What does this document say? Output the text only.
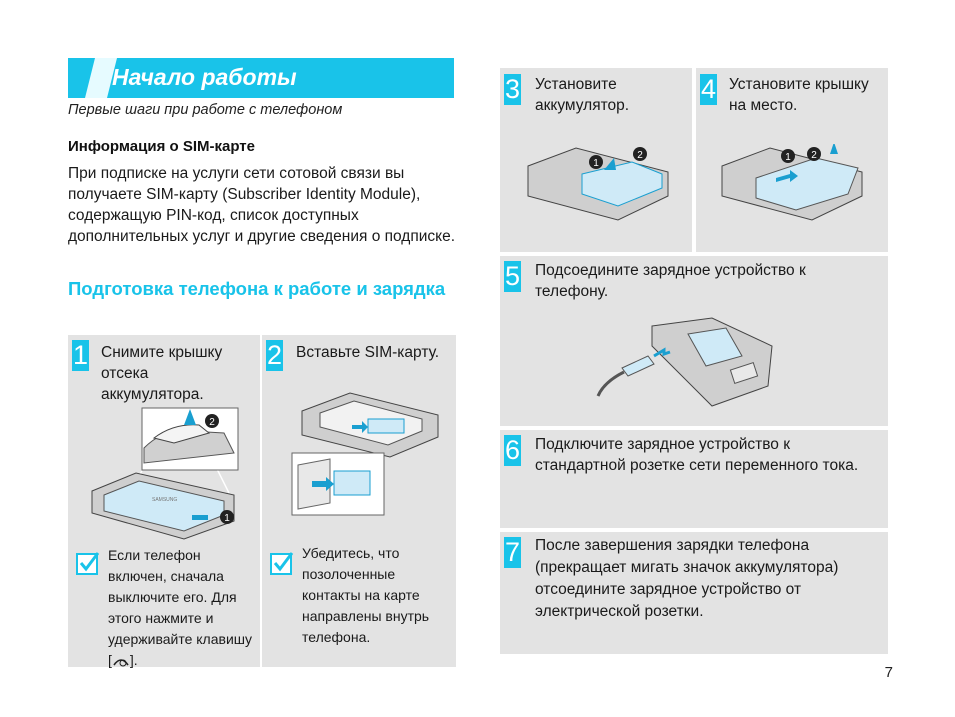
Начало работы
Первые шаги при работе с телефоном
Информация о SIM-карте
При подписке на услуги сети сотовой связи вы получаете SIM-карту (Subscriber Identity Module), содержащую PIN-код, список доступных дополнительных услуг и другие сведения о подписке.
Подготовка телефона к работе и зарядка
1 Снимите крышку отсека аккумулятора.
2
SAMSUNG
1
Если телефон включен, сначала выключите его. Для этого нажмите и удерживайте клавишу [ ].
2 Вставьте SIM-карту.
Убедитесь, что позолоченные контакты на карте направлены внутрь телефона.
3 Установите аккумулятор.
1
2
4 Установите крышку на место.
1 2
5 Подсоедините зарядное устройство к телефону.
6 Подключите зарядное устройство к стандартной розетке сети переменного тока.
7 После завершения зарядки телефона (прекращает мигать значок аккумулятора) отсоедините зарядное устройство от электрической розетки.
7
